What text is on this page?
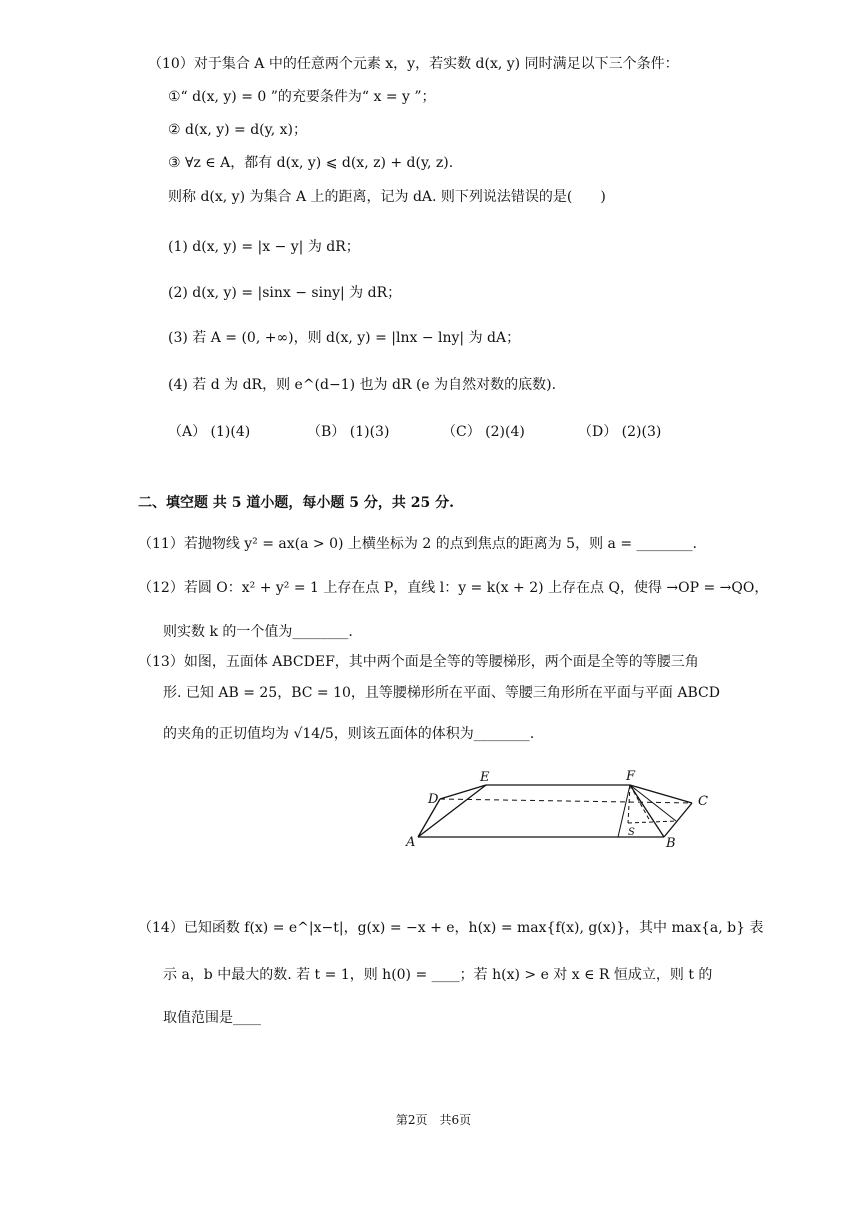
（10）对于集合 A 中的任意两个元素 x，y，若实数 d(x, y) 同时满足以下三个条件：
①“ d(x, y) = 0 ”的充要条件为“ x = y ”；
② d(x, y) = d(y, x)；
③ ∀z ∈ A，都有 d(x, y) ⩽ d(x, z) + d(y, z).
则称 d(x, y) 为集合 A 上的距离，记为 dA. 则下列说法错误的是(　　)
(1) d(x, y) = |x − y| 为 dR；
(2) d(x, y) = |sinx − siny| 为 dR；
(3) 若 A = (0, +∞)，则 d(x, y) = |lnx − lny| 为 dA；
(4) 若 d 为 dR，则 e^(d−1) 也为 dR (e 为自然对数的底数).
（A） (1)(4)	（B） (1)(3)	（C） (2)(4)	（D） (2)(3)
二、填空题 共 5 道小题，每小题 5 分，共 25 分.
（11）若抛物线 y² = ax(a > 0) 上横坐标为 2 的点到焦点的距离为 5，则 a = ________.
（12）若圆 O：x² + y² = 1 上存在点 P，直线 l：y = k(x + 2) 上存在点 Q，使得 →OP = →QO，
则实数 k 的一个值为________.
（13）如图，五面体 ABCDEF，其中两个面是全等的等腰梯形，两个面是全等的等腰三角
形. 已知 AB = 25，BC = 10，且等腰梯形所在平面、等腰三角形所在平面与平面 ABCD
的夹角的正切值均为 √14/5，则该五面体的体积为________.
A	B
C
D
E	F
S
（14）已知函数 f(x) = e^|x−t|，g(x) = −x + e，h(x) = max{f(x), g(x)}，其中 max{a, b} 表
示 a，b 中最大的数. 若 t = 1，则 h(0) = ____；若 h(x) > e 对 x ∈ R 恒成立，则 t 的
取值范围是____
第2页　共6页
